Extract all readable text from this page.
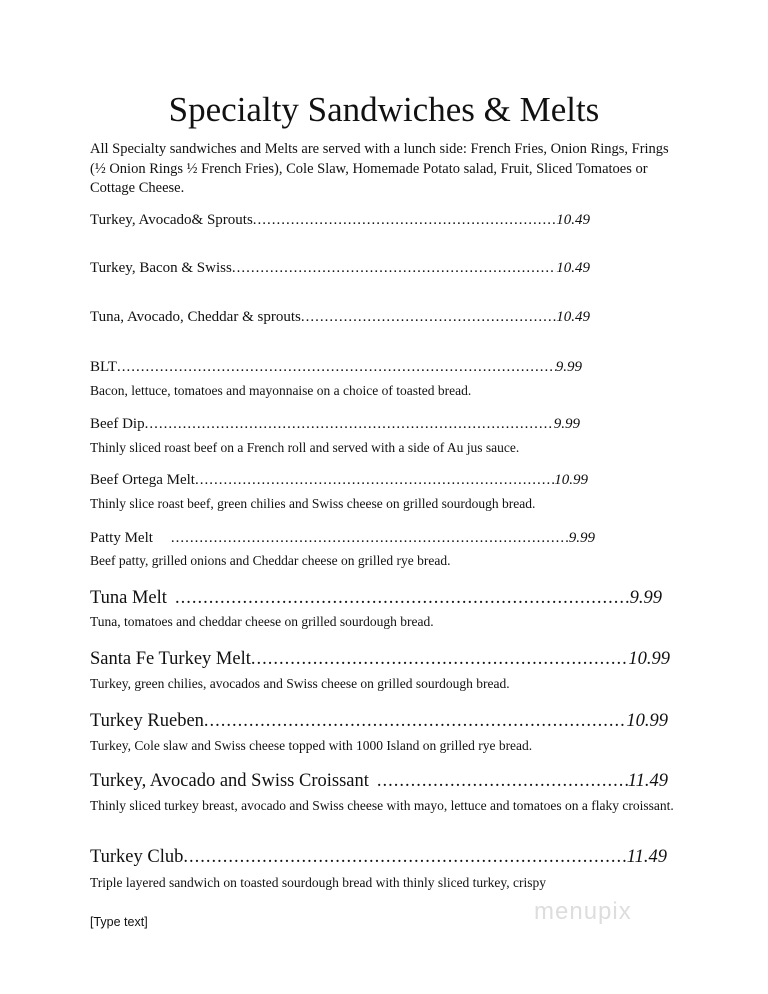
Specialty Sandwiches & Melts
All Specialty sandwiches and Melts are served with a lunch side: French Fries, Onion Rings, Frings (½ Onion Rings ½ French Fries), Cole Slaw, Homemade Potato salad, Fruit, Sliced Tomatoes or Cottage Cheese.
Turkey, Avocado& Sprouts .....	10.49
Turkey, Bacon & Swiss .....	10.49
Tuna, Avocado, Cheddar & sprouts .....	10.49
BLT .....	9.99
Bacon, lettuce, tomatoes and mayonnaise on a choice of toasted bread.
Beef Dip .....	9.99
Thinly sliced roast beef on a French roll and served with a side of Au jus sauce.
Beef Ortega Melt .....	10.99
Thinly slice roast beef, green chilies and Swiss cheese on grilled sourdough bread.
Patty Melt .....	9.99
Beef patty, grilled onions and Cheddar cheese on grilled rye bread.
Tuna Melt .....	9.99
Tuna, tomatoes and cheddar cheese on grilled sourdough bread.
Santa Fe Turkey Melt .....	10.99
Turkey, green chilies, avocados and Swiss cheese on grilled sourdough bread.
Turkey Rueben .....	10.99
Turkey, Cole slaw and Swiss cheese topped with 1000 Island on grilled rye bread.
Turkey, Avocado and Swiss Croissant .....	11.49
Thinly sliced turkey breast, avocado and Swiss cheese with mayo, lettuce and tomatoes on a flaky croissant.
Turkey Club .....	11.49
Triple layered sandwich on toasted sourdough bread with thinly sliced turkey, crispy
[Type text]	menupix
